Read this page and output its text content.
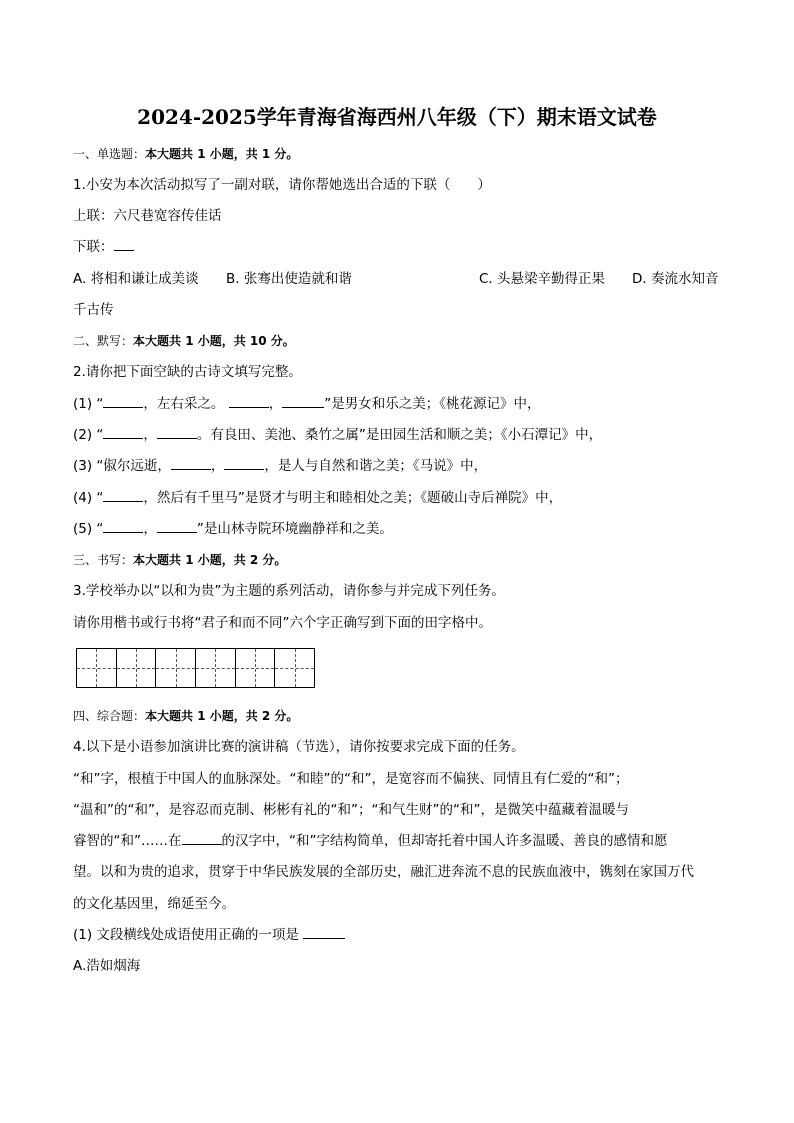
2024-2025学年青海省海西州八年级（下）期末语文试卷
一、单选题：本大题共 1 小题，共 1 分。
1.小安为本次活动拟写了一副对联，请你帮她选出合适的下联（　　）
上联：六尺巷宽容传佳话
下联：
A. 将相和谦让成美谈 B. 张骞出使造就和谐	C. 头悬梁辛勤得正果 D. 奏流水知音
千古传
二、默写：本大题共 1 小题，共 10 分。
2.请你把下面空缺的古诗文填写完整。
(1) “	，左右采之。	，	”是男女和乐之美；《桃花源记》中，
(2) “	，	。有良田、美池、桑竹之属”是田园生活和顺之美；《小石潭记》中，
(3) “俶尔远逝，	，	，是人与自然和谐之美；《马说》中，
(4) “	，然后有千里马”是贤才与明主和睦相处之美；《题破山寺后禅院》中，
(5) “	，	”是山林寺院环境幽静祥和之美。
三、书写：本大题共 1 小题，共 2 分。
3.学校举办以“以和为贵”为主题的系列活动，请你参与并完成下列任务。
请你用楷书或行书将“君子和而不同”六个字正确写到下面的田字格中。
四、综合题：本大题共 1 小题，共 2 分。
4.以下是小语参加演讲比赛的演讲稿（节选），请你按要求完成下面的任务。
“和”字，根植于中国人的血脉深处。“和睦”的“和”，是宽容而不偏狭、同情且有仁爱的“和”；
“温和”的“和”，是容忍而克制、彬彬有礼的“和”；“和气生财”的“和”，是微笑中蕴藏着温暖与
睿智的“和”……在	的汉字中，“和”字结构简单，但却寄托着中国人许多温暖、善良的感情和愿
望。以和为贵的追求，贯穿于中华民族发展的全部历史，融汇进奔流不息的民族血液中，镌刻在家国万代
的文化基因里，绵延至今。
(1) 文段横线处成语使用正确的一项是
A.浩如烟海
